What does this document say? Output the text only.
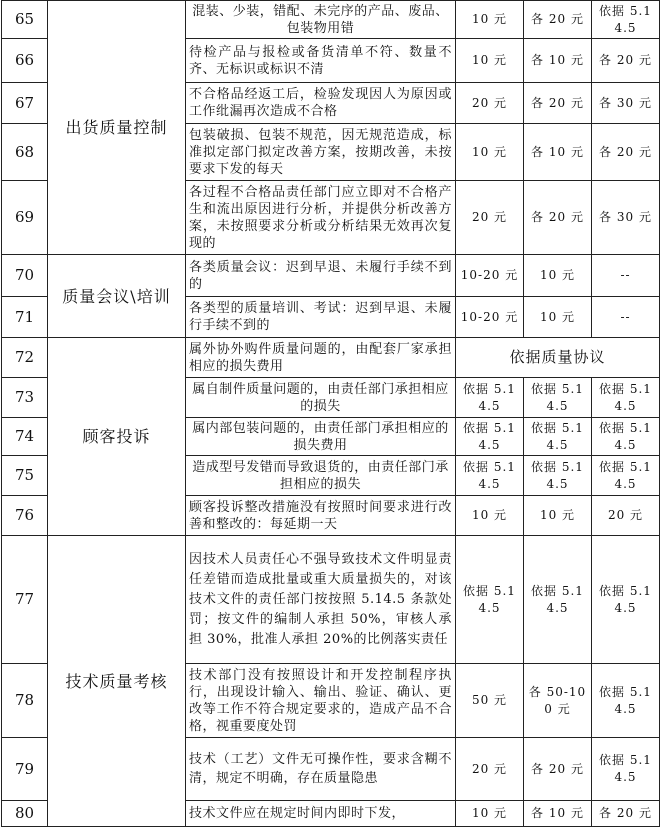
65	出货质量控制	混装、少装，错配、未完序的产品、废品、包装物用错	10 元	各 20 元	依据 5.14.5
66		待检产品与报检或备货清单不符、数量不齐、无标识或标识不清	10 元	各 10 元	各 20 元
67		不合格品经返工后，检验发现因人为原因或工作纰漏再次造成不合格	20 元	各 20 元	各 30 元
68		包装破损、包装不规范，因无规范造成，标准拟定部门拟定改善方案，按期改善，未按要求下发的每天	10 元	各 10 元	各 20 元
69		各过程不合格品责任部门应立即对不合格产生和流出原因进行分析，并提供分析改善方案，未按照要求分析或分析结果无效再次复现的	20 元	各 20 元	各 30 元
70	质量会议\培训	各类质量会议：迟到早退、未履行手续不到的	10-20 元	10 元	--
71		各类型的质量培训、考试：迟到早退、未履行手续不到的	10-20 元	10 元	--
72	顾客投诉	属外协外购件质量问题的，由配套厂家承担相应的损失费用	依据质量协议		
73		属自制件质量问题的，由责任部门承担相应的损失	依据 5.14.5	依据 5.14.5	依据 5.14.5
74		属内部包装问题的，由责任部门承担相应的损失费用	依据 5.14.5	依据 5.14.5	依据 5.14.5
75		造成型号发错而导致退货的，由责任部门承担相应的损失	依据 5.14.5	依据 5.14.5	依据 5.14.5
76		顾客投诉整改措施没有按照时间要求进行改善和整改的：每延期一天	10 元	10 元	20 元
77	技术质量考核	因技术人员责任心不强导致技术文件明显责任差错而造成批量或重大质量损失的，对该技术文件的责任部门按按照 5.14.5 条款处罚；按文件的编制人承担 50%，审核人承担 30%，批准人承担 20%的比例落实责任	依据 5.14.5	依据 5.14.5	依据 5.14.5
78		技术部门没有按照设计和开发控制程序执行，出现设计输入、输出、验证、确认、更改等工作不符合规定要求的，造成产品不合格，视重要度处罚	50 元	各 50-100 元	依据 5.14.5
79		技术（工艺）文件无可操作性，要求含糊不清，规定不明确，存在质量隐患	20 元	各 20 元	依据 5.14.5
80		技术文件应在规定时间内即时下发，	10 元	各 10 元	各 20 元
